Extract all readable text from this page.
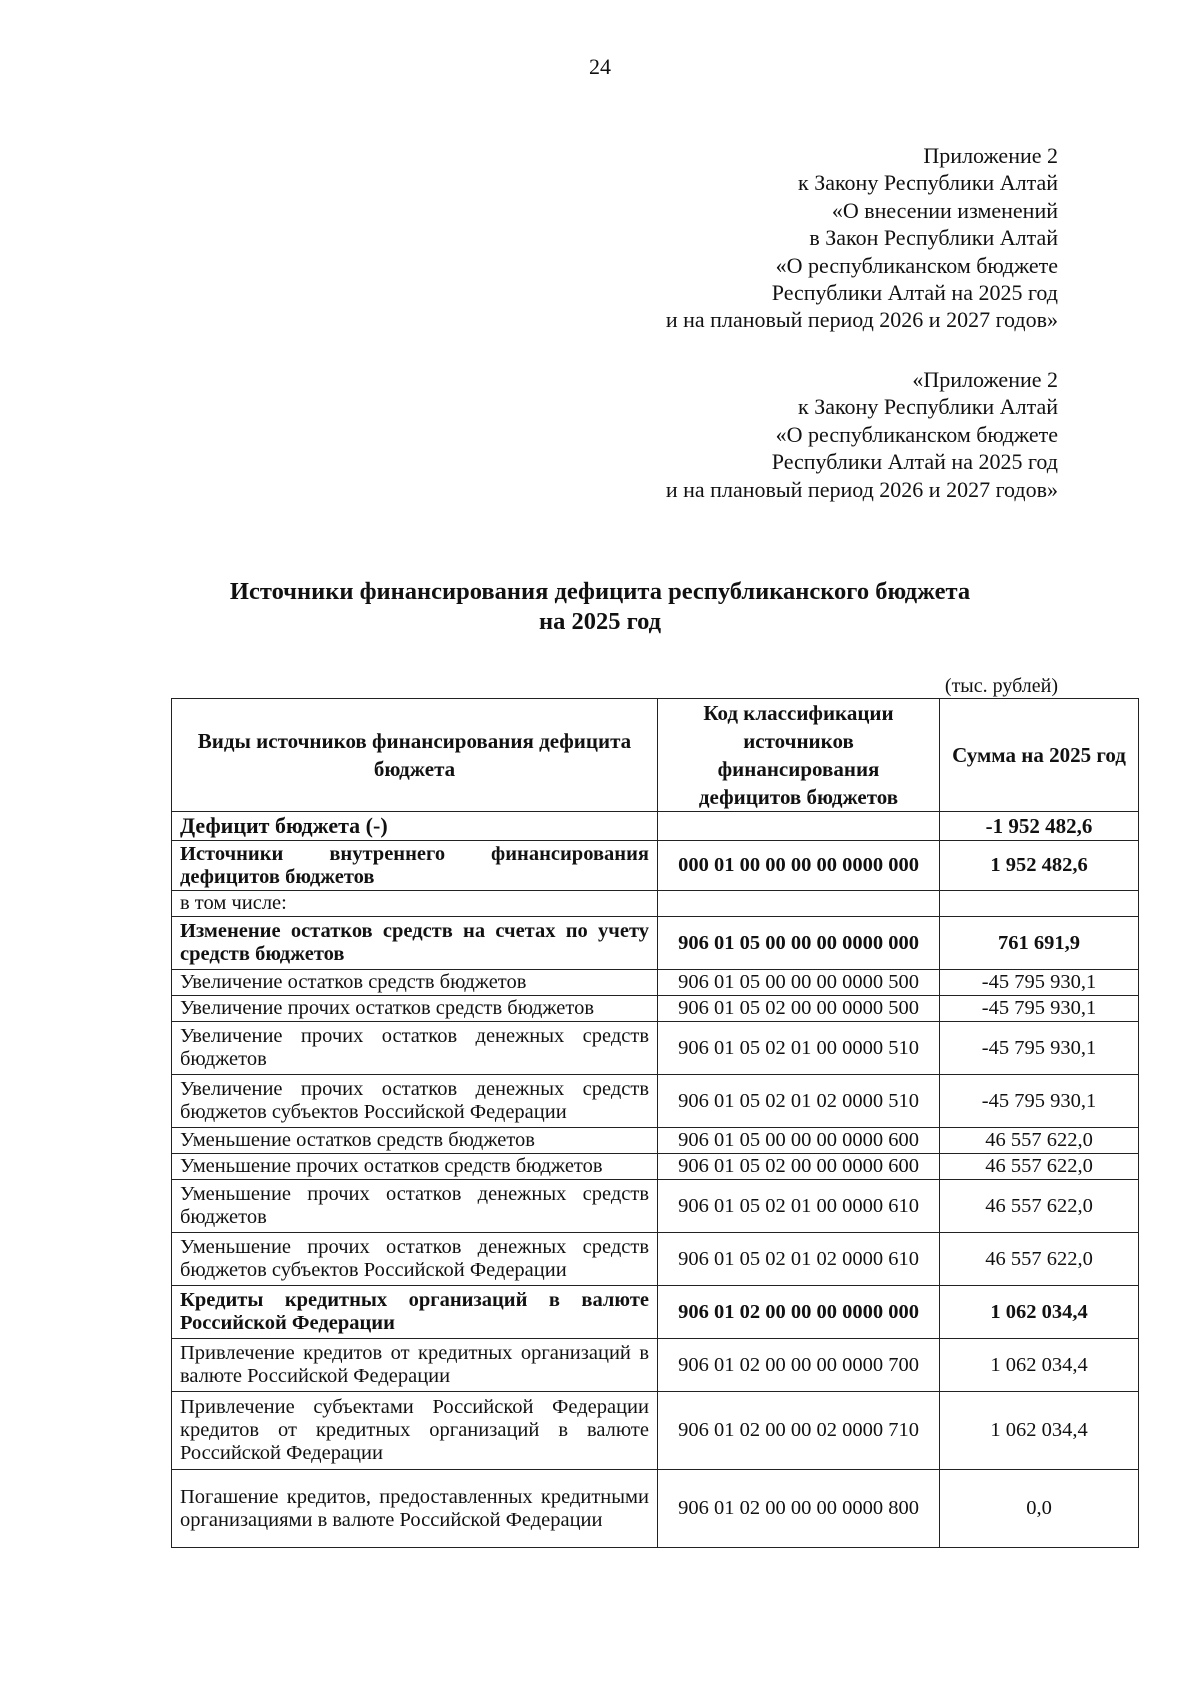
24
Приложение 2
к Закону Республики Алтай
«О внесении изменений
в Закон Республики Алтай
«О республиканском бюджете
Республики Алтай на 2025 год
и на плановый период 2026 и 2027 годов»
«Приложение 2
к Закону Республики Алтай
«О республиканском бюджете
Республики Алтай на 2025 год
и на плановый период 2026 и 2027 годов»
Источники финансирования дефицита республиканского бюджета
на 2025 год
(тыс. рублей)
Виды источников финансирования дефицита бюджета	Код классификации источников финансирования дефицитов бюджетов	Сумма на 2025 год
Дефицит бюджета (-)		-1 952 482,6
Источники внутреннего финансирования дефицитов бюджетов	000 01 00 00 00 00 0000 000	1 952 482,6
в том числе:		
Изменение остатков средств на счетах по учету средств бюджетов	906 01 05 00 00 00 0000 000	761 691,9
Увеличение остатков средств бюджетов	906 01 05 00 00 00 0000 500	-45 795 930,1
Увеличение прочих остатков средств бюджетов	906 01 05 02 00 00 0000 500	-45 795 930,1
Увеличение прочих остатков денежных средств бюджетов	906 01 05 02 01 00 0000 510	-45 795 930,1
Увеличение прочих остатков денежных средств бюджетов субъектов Российской Федерации	906 01 05 02 01 02 0000 510	-45 795 930,1
Уменьшение остатков средств бюджетов	906 01 05 00 00 00 0000 600	46 557 622,0
Уменьшение прочих остатков средств бюджетов	906 01 05 02 00 00 0000 600	46 557 622,0
Уменьшение прочих остатков денежных средств бюджетов	906 01 05 02 01 00 0000 610	46 557 622,0
Уменьшение прочих остатков денежных средств бюджетов субъектов Российской Федерации	906 01 05 02 01 02 0000 610	46 557 622,0
Кредиты кредитных организаций в валюте Российской Федерации	906 01 02 00 00 00 0000 000	1 062 034,4
Привлечение кредитов от кредитных организаций в валюте Российской Федерации	906 01 02 00 00 00 0000 700	1 062 034,4
Привлечение субъектами Российской Федерации кредитов от кредитных организаций в валюте Российской Федерации	906 01 02 00 00 02 0000 710	1 062 034,4
Погашение кредитов, предоставленных кредитными организациями в валюте Российской Федерации	906 01 02 00 00 00 0000 800	0,0
